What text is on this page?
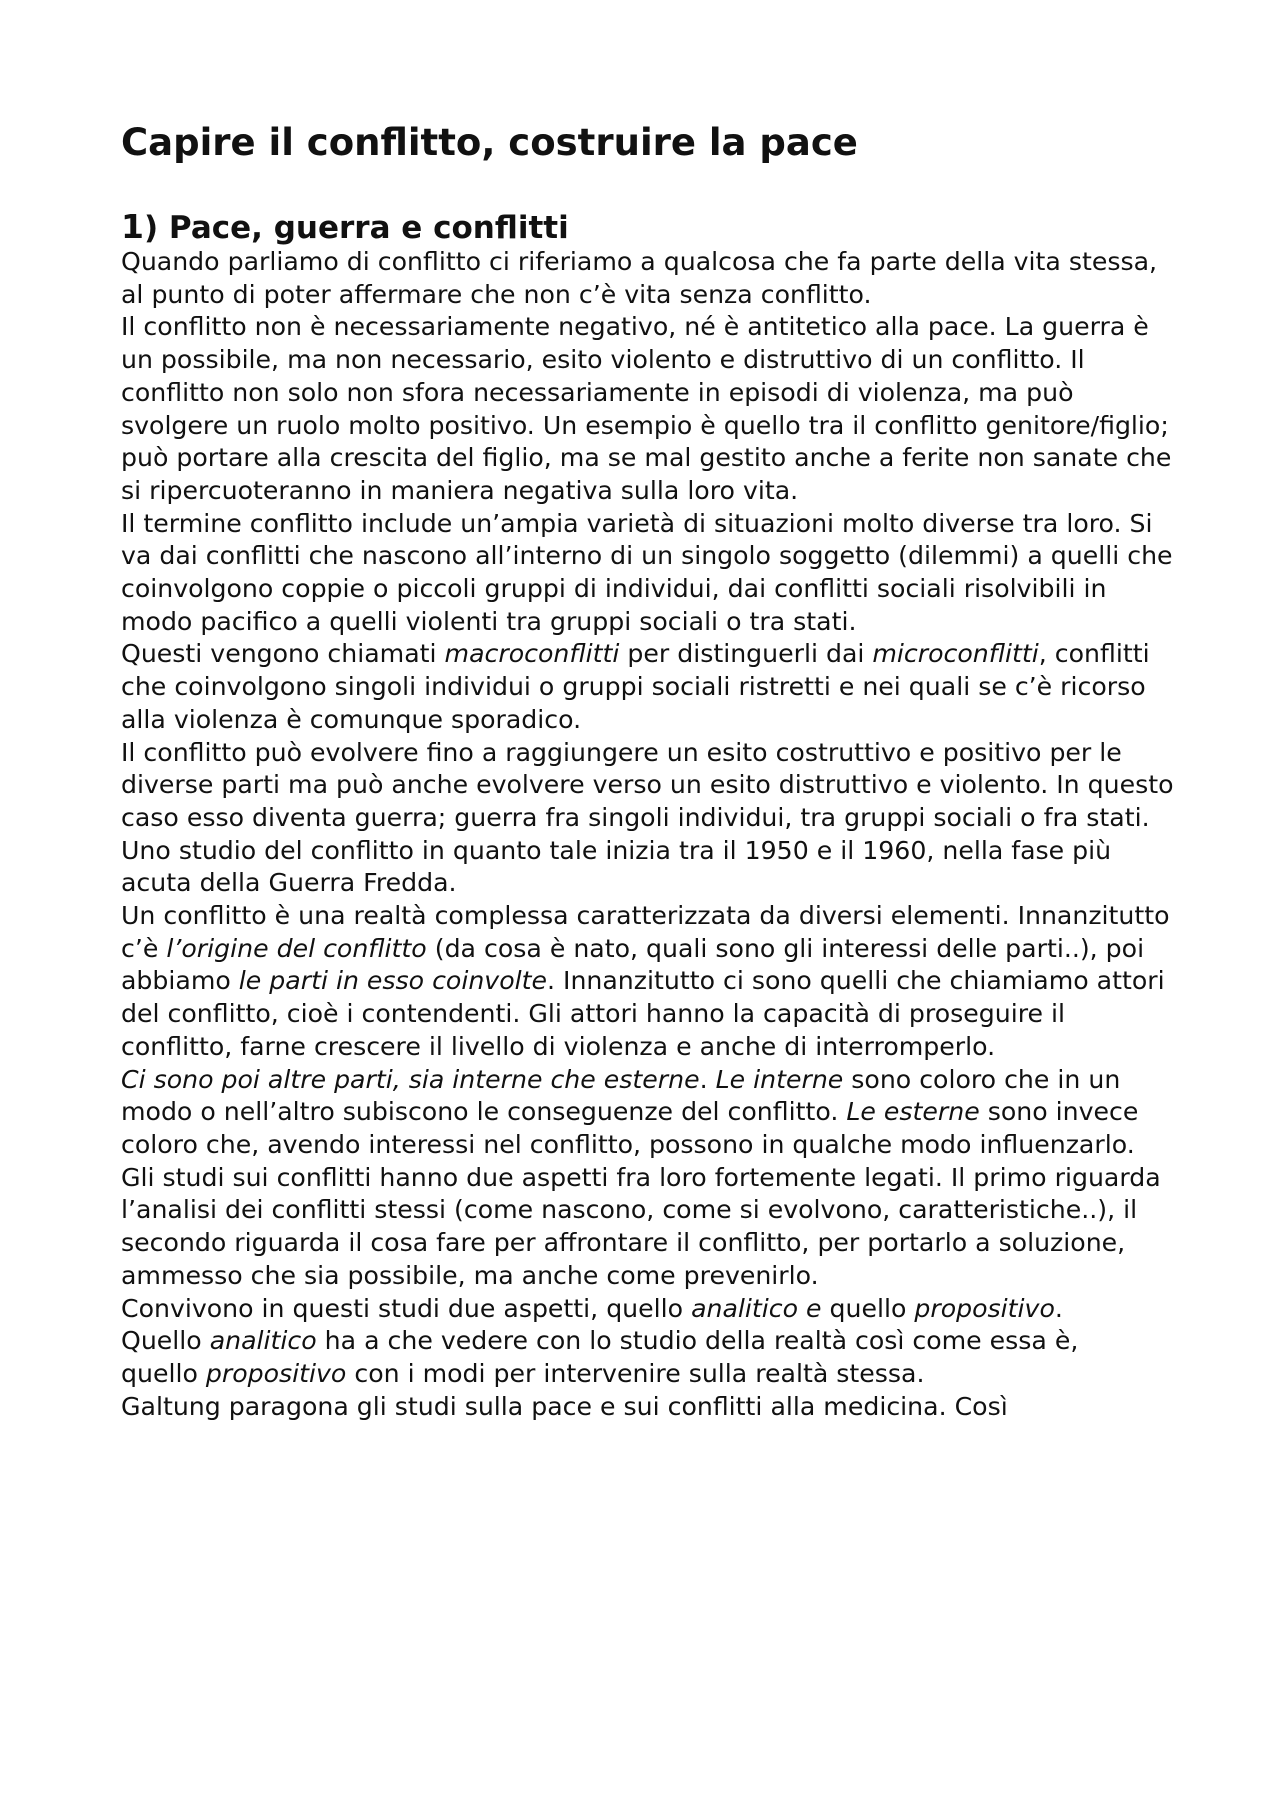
Capire il conflitto, costruire la pace
1) Pace, guerra e conflitti

Quando parliamo di conflitto ci riferiamo a qualcosa che fa parte della vita stessa, al punto di poter affermare che non c’è vita senza conflitto.

Il conflitto non è necessariamente negativo, né è antitetico alla pace. La guerra è un possibile, ma non necessario, esito violento e distruttivo di un conflitto. Il conflitto non solo non sfora necessariamente in episodi di violenza, ma può svolgere un ruolo molto positivo. Un esempio è quello tra il conflitto genitore/figlio; può portare alla crescita del figlio, ma se mal gestito anche a ferite non sanate che si ripercuoteranno in maniera negativa sulla loro vita.

Il termine conflitto include un’ampia varietà di situazioni molto diverse tra loro. Si va dai conflitti che nascono all’interno di un singolo soggetto (dilemmi) a quelli che coinvolgono coppie o piccoli gruppi di individui, dai conflitti sociali risolvibili in modo pacifico a quelli violenti tra gruppi sociali o tra stati.

Questi vengono chiamati macroconflitti per distinguerli dai microconflitti, conflitti che coinvolgono singoli individui o gruppi sociali ristretti e nei quali se c’è ricorso alla violenza è comunque sporadico.

Il conflitto può evolvere fino a raggiungere un esito costruttivo e positivo per le diverse parti ma può anche evolvere verso un esito distruttivo e violento. In questo caso esso diventa guerra; guerra fra singoli individui, tra gruppi sociali o fra stati.

Uno studio del conflitto in quanto tale inizia tra il 1950 e il 1960, nella fase più acuta della Guerra Fredda.

Un conflitto è una realtà complessa caratterizzata da diversi elementi. Innanzitutto c’è l’origine del conflitto (da cosa è nato, quali sono gli interessi delle parti..), poi abbiamo le parti in esso coinvolte. Innanzitutto ci sono quelli che chiamiamo attori del conflitto, cioè i contendenti. Gli attori hanno la capacità di proseguire il conflitto, farne crescere il livello di violenza e anche di interromperlo.

Ci sono poi altre parti, sia interne che esterne. Le interne sono coloro che in un modo o nell’altro subiscono le conseguenze del conflitto. Le esterne sono invece coloro che, avendo interessi nel conflitto, possono in qualche modo influenzarlo.

Gli studi sui conflitti hanno due aspetti fra loro fortemente legati. Il primo riguarda l’analisi dei conflitti stessi (come nascono, come si evolvono, caratteristiche..), il secondo riguarda il cosa fare per affrontare il conflitto, per portarlo a soluzione, ammesso che sia possibile, ma anche come prevenirlo.

Convivono in questi studi due aspetti, quello analitico e quello propositivo.

Quello analitico ha a che vedere con lo studio della realtà così come essa è,

quello propositivo con i modi per intervenire sulla realtà stessa.

Galtung paragona gli studi sulla pace e sui conflitti alla medicina. Così
